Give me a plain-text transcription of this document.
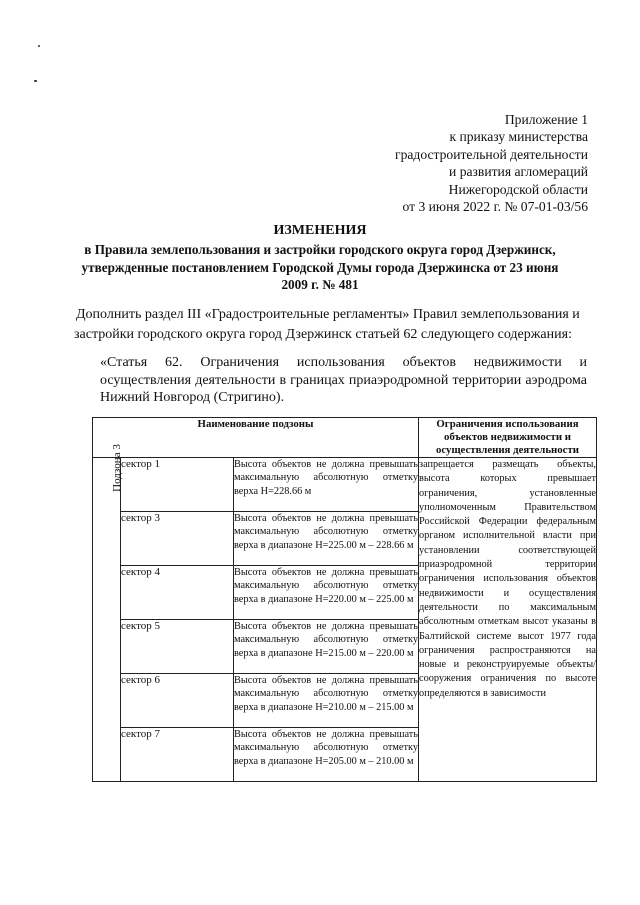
Приложение 1
к приказу министерства
градостроительной деятельности
и развития агломераций
Нижегородской области
от 3 июня 2022 г. № 07-01-03/56
ИЗМЕНЕНИЯ
в Правила землепользования и застройки городского округа город Дзержинск, утвержденные постановлением Городской Думы города Дзержинска от 23 июня 2009 г. № 481
Дополнить раздел III «Градостроительные регламенты» Правил землепользования и застройки городского округа город Дзержинск статьей 62 следующего содержания:
«Статья 62. Ограничения использования объектов недвижимости и осуществления деятельности в границах приаэродромной территории аэродрома Нижний Новгород (Стригино).
Наименование подзоны			Ограничения использования объектов недвижимости и осуществления деятельности
Подзона 3	сектор 1	Высота объектов не должна превышать максимальную абсолютную отметку верха Н=228.66 м	запрещается размещать объекты, высота которых превышает ограничения, установленные уполномоченным Правительством Российской Федерации федеральным органом исполнительной власти при установлении соответствующей приаэродромной территории ограничения использования объектов недвижимости и осуществления деятельности по максимальным абсолютным отметкам высот указаны в Балтийской системе высот 1977 года ограничения распространяются на новые и реконструируемые объекты/сооружения ограничения по высоте определяются в зависимости
	сектор 3	Высота объектов не должна превышать максимальную абсолютную отметку верха в диапазоне Н=225.00 м – 228.66 м	
	сектор 4	Высота объектов не должна превышать максимальную абсолютную отметку верха в диапазоне Н=220.00 м – 225.00 м	
	сектор 5	Высота объектов не должна превышать максимальную абсолютную отметку верха в диапазоне Н=215.00 м – 220.00 м	
	сектор 6	Высота объектов не должна превышать максимальную абсолютную отметку верха в диапазоне Н=210.00 м – 215.00 м	
	сектор 7	Высота объектов не должна превышать максимальную абсолютную отметку верха в диапазоне Н=205.00 м – 210.00 м	
